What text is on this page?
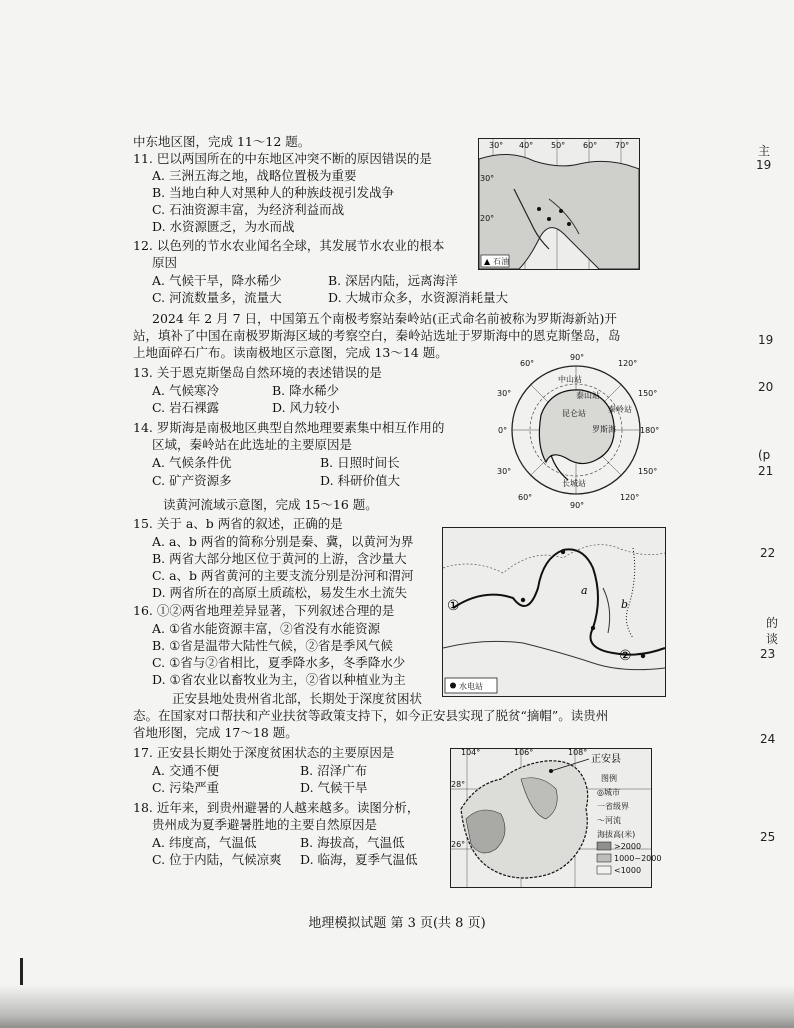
中东地区图，完成 11～12 题。
11. 巴以两国所在的中东地区冲突不断的原因错误的是
A. 三洲五海之地，战略位置极为重要
B. 当地白种人对黑种人的种族歧视引发战争
C. 石油资源丰富，为经济利益而战
D. 水资源匮乏，为水而战
12. 以色列的节水农业闻名全球，其发展节水农业的根本
原因
A. 气候干旱，降水稀少	B. 深居内陆，远离海洋
C. 河流数量多，流量大	D. 大城市众多，水资源消耗量大
30° 40° 50° 60° 70°
30°
20°
石油
▲
2024 年 2 月 7 日，中国第五个南极考察站秦岭站(正式命名前被称为罗斯海新站)开
站，填补了中国在南极罗斯海区域的考察空白，秦岭站选址于罗斯海中的恩克斯堡岛，岛
上地面碎石广布。读南极地区示意图，完成 13～14 题。
13. 关于恩克斯堡岛自然环境的表述错误的是
A. 气候寒冷	B. 降水稀少
C. 岩石裸露	D. 风力较小
14. 罗斯海是南极地区典型自然地理要素集中相互作用的
区域，秦岭站在此选址的主要原因是
A. 气候条件优	B. 日照时间长
C. 矿产资源多	D. 科研价值大
60°	120°
30°	150°
0°	180°
30°	150°
60°	120°
90°
90°
中山站
泰山站
昆仑站	秦岭站
罗斯海
长城站
读黄河流域示意图，完成 15～16 题。
15. 关于 a、b 两省的叙述，正确的是
A. a、b 两省的简称分别是秦、冀，以黄河为界
B. 两省大部分地区位于黄河的上游，含沙量大
C. a、b 两省黄河的主要支流分别是汾河和渭河
D. 两省所在的高原土质疏松，易发生水土流失
16. ①②两省地理差异显著，下列叙述合理的是
A. ①省水能资源丰富，②省没有水能资源
B. ①省是温带大陆性气候，②省是季风气候
C. ①省与②省相比，夏季降水多，冬季降水少
D. ①省农业以畜牧业为主，②省以种植业为主
①
②
a
b
水电站
正安县地处贵州省北部，长期处于深度贫困状
态。在国家对口帮扶和产业扶贫等政策支持下，如今正安县实现了脱贫“摘帽”。读贵州
省地形图，完成 17～18 题。
17. 正安县长期处于深度贫困状态的主要原因是
A. 交通不便	B. 沼泽广布
C. 污染严重	D. 气候干旱
18. 近年来，到贵州避暑的人越来越多。读图分析，
贵州成为夏季避暑胜地的主要自然原因是
A. 纬度高，气温低	B. 海拔高，气温低
C. 位于内陆，气候凉爽 D. 临海，夏季气温低
104°	106°	108°
28°
26°
正安县
图例
◎城市
一省级界
～河流
海拔高(米)
>2000
1000~2000
<1000
主
19
19
20
(p
21
22
的
谈
23
24
25
地理模拟试题 第 3 页(共 8 页)
